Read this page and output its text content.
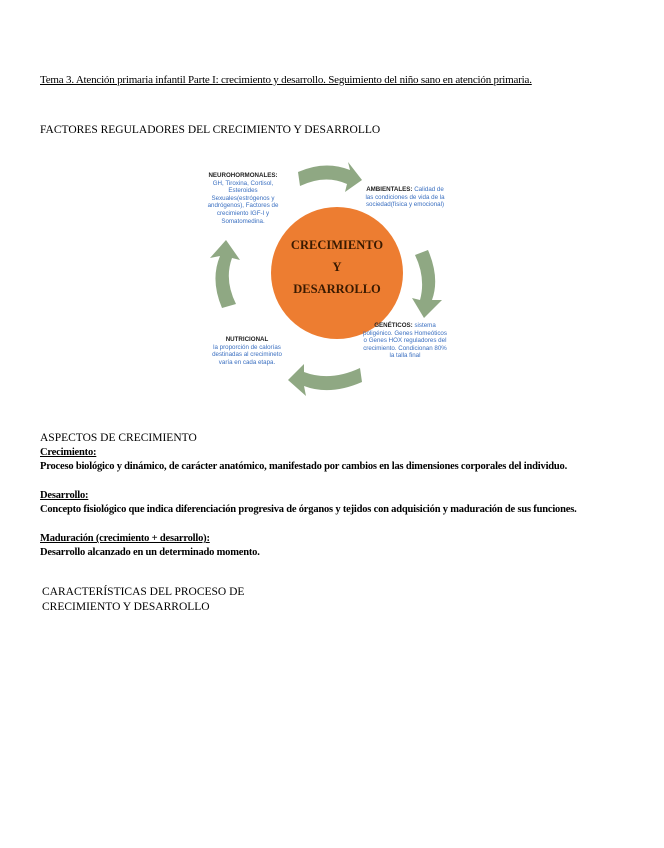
Tema 3. Atención primaria infantil Parte I: crecimiento y desarrollo. Seguimiento del niño sano en atención primaria.
FACTORES REGULADORES DEL CRECIMIENTO Y DESARROLLO
CRECIMIENTO
Y
DESARROLLO
NEUROHORMONALES:
GH, Tiroxina, Cortisol, Esteroides Sexuales(estrógenos y andrógenos), Factores de crecimiento IGF-I y Somatomedina.
AMBIENTALES: Calidad de las condiciones de vida de la sociedad(física y emocional)
GENÉTICOS: sistema poligénico. Genes Homeóticos o Genes HOX reguladores del crecimiento. Condicionan 80% la talla final
NUTRICIONAL
la proporción de calorías destinadas al crecimineto varía en cada etapa.
ASPECTOS DE CRECIMIENTO
Crecimiento:
Proceso biológico y dinámico, de carácter anatómico, manifestado por cambios en las dimensiones corporales del individuo.
Desarrollo:
Concepto fisiológico que indica diferenciación progresiva de órganos y tejidos con adquisición y maduración de sus funciones.
Maduración (crecimiento + desarrollo):
Desarrollo alcanzado en un determinado momento.
CARACTERÍSTICAS DEL PROCESO DE CRECIMIENTO Y DESARROLLO
